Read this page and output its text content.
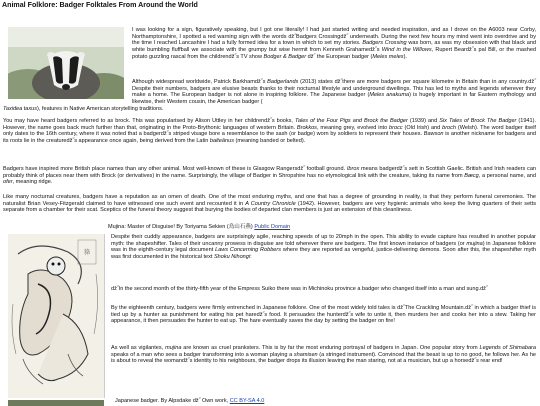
Animal Folklore: Badger Folktales From Around the World

I was looking for a sign, figuratively speaking, but I got one literally! I had just started writing and needed inspiration, and as I drove on the A6003 near Corby, Northamptonshire, I spotted a red warning sign with the words dž˝Badgers Crossingdž˝ underneath. During the next few hours my mind went into overdrive and by the time I reached Lancashire I had a fully formed idea for a town in which to set my stories. Badgers Crossing was born, as was my obsession with that black and white bumbling fluffball we associate with the grumpy but wise hermit from Kenneth Grahamedž˝s Wind in the Willows, Rupert Beardž˝s pal Bill, or the mashed potato guzzling rascal from the childrendž˝s TV show Bodger & Badger dž˝ the European badger (Meles meles).

Although widespread worldwide, Patrick Barkhamdž˝s Badgerlands (2013) states dž˝there are more badgers per square kilometre in Britain than in any country.dž˝ Despite their numbers, badgers are elusive beasts thanks to their nocturnal lifestyle and underground dwellings. This has led to myths and legends wherever they make a home. The European badger is not alone in inspiring folklore. The Japanese badger (Meles anakuma) is hugely important in far Eastern mythology and likewise, their Western cousin, the American badger (

Taxidea taxus), features in Native American storytelling traditions.

You may have heard badgers referred to as brock. This was popularised by Alison Uttley in her childrendž˝s books, Tales of the Four Pigs and Brock the Badger (1939) and Six Tales of Brock The Badger (1941). However, the name goes back much further than that, originating in the Proto-Brythonic languages of western Britain. Brokkos, meaning grey, evolved into brocc (Old Irish) and broch (Welsh). The word badger itself only dates to the 16th century, where it was noted that a badgerdž˝s striped visage bore a resemblance to the sash (or badge) worn by soldiers to represent their houses. Bawson is another nickname for badgers and its roots lie in the creaturedž˝s appearance once again, being derived from the Latin balteânus (meaning banded or belted).

Badgers have inspired more British place names than any other animal. Most well-known of these is Glasgow Rangersdž˝ football ground. Ibrox means badgerdž˝s sett in Scottish Gaelic. British and Irish readers can probably think of places near them with Brock (or derivatives) in the name. Surprisingly, the village of Badger in Shropshire has no etymological link with the creature, taking its name from Bæcg, a personal name, and ofer, meaning ridge.

Like many nocturnal creatures, badgers have a reputation as an omen of death. One of the most enduring myths, and one that has a degree of grounding in reality, is that they perform funeral ceremonies. The naturalist Brian Vesey-Fitzgerald claimed to have witnessed one such event and recounted it in A Country Chronicle (1942). However, badgers are very hygienic animals who keep the living quarters of their setts separate from a chamber for their scat. Sceptics of the funeral theory suggest that burying the bodies of departed clan members is just an extension of this cleanliness.

貉
Mujina: Master of Disguise! By Toriyama Sekien (鳥山石燕) Public Domain

Despite their cuddly appearance, badgers are surprisingly agile, reaching speeds of up to 20mph in the open. This ability to evade capture has resulted in another popular myth: the shapeshifter. Tales of their uncanny prowess in disguise are told wherever there are badgers. The first known instance of badgers (or mujina) in Japanese folklore was in the eighth-century legal document Laws Concerning Robbers where they are reported as vengeful, justice-delivering demons. Soon after this, the shapeshifter myth was first documented in the historical text Shoku Nihongi:

dž˝In the second month of the thirty-fifth year of the Empress Suiko there was in Michinoku province a badger who changed itself into a man and sung.dž˝

By the eighteenth century, badgers were firmly entrenched in Japanese folklore. One of the most widely told tales is dž˝The Crackling Mountain.dž˝ in which a badger thief is tied up by a hunter as punishment for eating his pet haredž˝s food. It persuades the hunterdž˝s wife to untie it, then murders her and cooks her into a stew. Taking her appearance, it then persuades the hunter to eat up. The hare eventually saves the day by setting the badger on fire!

As well as vigilantes, mujina are known as cruel pranksters. This is by far the most enduring portrayal of badgers in Japan. One popular story from Legends of Shimabara speaks of a man who sees a badger transforming into a woman playing a shamisen (a stringed instrument). Convinced that the beast is up to no good, he follows her. As he is about to reveal the womandž˝s identity to his neighbours, the badger drops its illusion leaving the man staring, not at a musician, but up a horsedž˝s rear end!

Japanese badger. By Alpsdake dž˝ Own work, CC BY-SA 4.0
